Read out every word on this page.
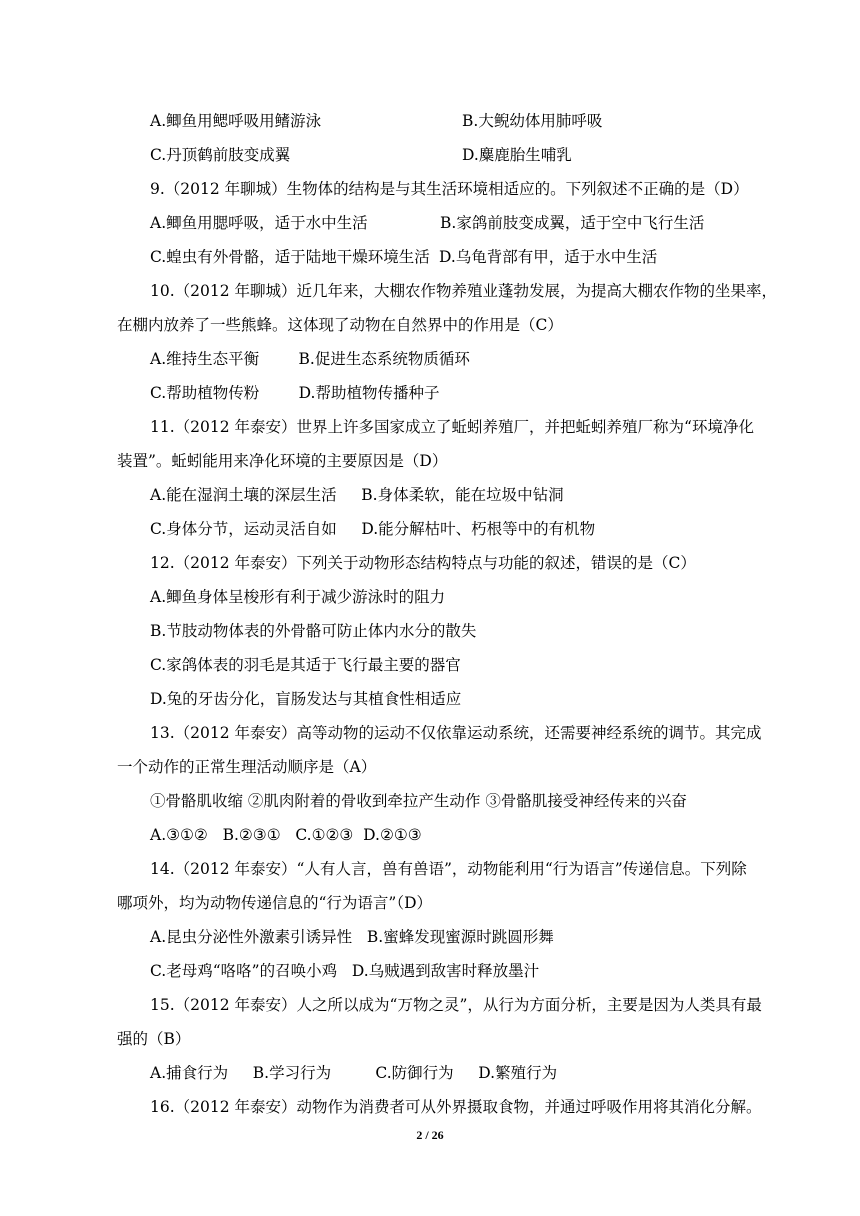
A.鲫鱼用鳃呼吸用鳍游泳	B.大鲵幼体用肺呼吸
C.丹顶鹤前肢变成翼	D.麋鹿胎生哺乳
9.（2012 年聊城）生物体的结构是与其生活环境相适应的。下列叙述不正确的是（D）
A.鲫鱼用腮呼吸，适于水中生活	B.家鸽前肢变成翼，适于空中飞行生活
C.蝗虫有外骨骼，适于陆地干燥环境生活 D.乌龟背部有甲，适于水中生活
10.（2012 年聊城）近几年来，大棚农作物养殖业蓬勃发展，为提高大棚农作物的坐果率，
在棚内放养了一些熊蜂。这体现了动物在自然界中的作用是（C）
A.维持生态平衡        B.促进生态系统物质循环
C.帮助植物传粉        D.帮助植物传播种子
11.（2012 年泰安）世界上许多国家成立了蚯蚓养殖厂，并把蚯蚓养殖厂称为“环境净化
装置”。蚯蚓能用来净化环境的主要原因是（D）
A.能在湿润土壤的深层生活     B.身体柔软，能在垃圾中钻洞
C.身体分节，运动灵活自如     D.能分解枯叶、朽根等中的有机物
12.（2012 年泰安）下列关于动物形态结构特点与功能的叙述，错误的是（C）
A.鲫鱼身体呈梭形有利于减少游泳时的阻力
B.节肢动物体表的外骨骼可防止体内水分的散失
C.家鸽体表的羽毛是其适于飞行最主要的器官
D.兔的牙齿分化，盲肠发达与其植食性相适应
13.（2012 年泰安）高等动物的运动不仅依靠运动系统，还需要神经系统的调节。其完成
一个动作的正常生理活动顺序是（A）
①骨骼肌收缩 ②肌肉附着的骨收到牵拉产生动作 ③骨骼肌接受神经传来的兴奋
A.③①②   B.②③①   C.①②③  D.②①③
14.（2012 年泰安）“人有人言，兽有兽语”，动物能利用“行为语言”传递信息。下列除
哪项外，均为动物传递信息的“行为语言”（D）
A.昆虫分泌性外激素引诱异性   B.蜜蜂发现蜜源时跳圆形舞
C.老母鸡“咯咯”的召唤小鸡   D.乌贼遇到敌害时释放墨汁
15.（2012 年泰安）人之所以成为“万物之灵”，从行为方面分析，主要是因为人类具有最
强的（B）
A.捕食行为     B.学习行为         C.防御行为     D.繁殖行为
16.（2012 年泰安）动物作为消费者可从外界摄取食物，并通过呼吸作用将其消化分解。
2 / 26
